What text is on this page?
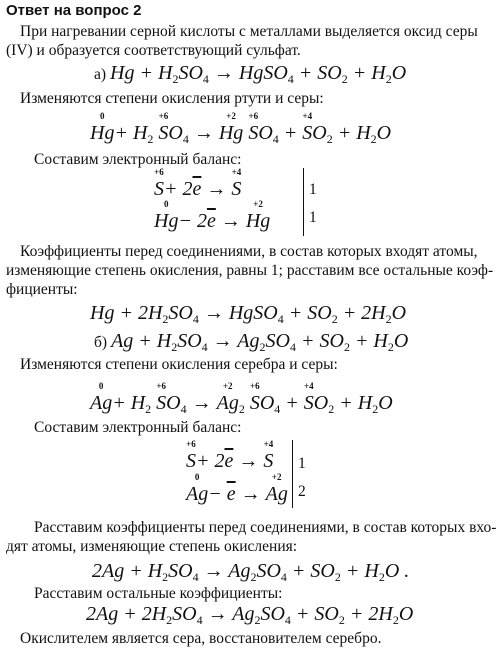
Ответ на вопрос 2
При нагревании серной кислоты с металлами выделяется оксид серы
(IV) и образуется соответствующий сульфат.
а) $Hg + H_2SO_4$ → HgSO$_4$ + $SO_2 + H_2O$
Изменяются степени окисления ртути и серы:
Hg
0
+ $H_2$ S
+6
$O_4 \to Hg$
+2
S
+6
$O_4 + S$
+4
$O_2 + H_2O$
Составим электронный баланс:
S
+6
+ $2\overline{e} \to S$
+4
Hg
0
− $2\overline{e} \to Hg$
+2
1
1
Коэффициенты перед соединениями, в состав которых входят атомы,
изменяющие степень окисления, равны 1; расставим все остальные коэф-
фициенты:
$Hg + 2H_2SO_4$ → HgSO$_4$ + $SO_2 + 2H_2O$
б) $Ag + H_2SO_4 \to Ag_2SO_4 + SO_2 + H_2O$
Изменяются степени окисления серебра и серы:
Ag
0
+ $H_2$ S
+6
$O_4 \to Ag$
+2
$_2$ S
+6
$O_4 + S$
+4
$O_2 + H_2O$
Составим электронный баланс:
S
+6
+ $2\overline{e} \to S$
+4
Ag
0
− $\overline{e} \to Ag$
+2
1
2
Расставим коэффициенты перед соединениями, в состав которых вхо-
дят атомы, изменяющие степень окисления:
$2Ag + H_2SO_4 \to Ag_2SO_4 + SO_2 + H_2O$ .
Расставим остальные коэффициенты:
$2Ag + 2H_2SO_4 \to Ag_2SO_4 + SO_2 + 2H_2O$
Окислителем является сера, восстановителем серебро.
